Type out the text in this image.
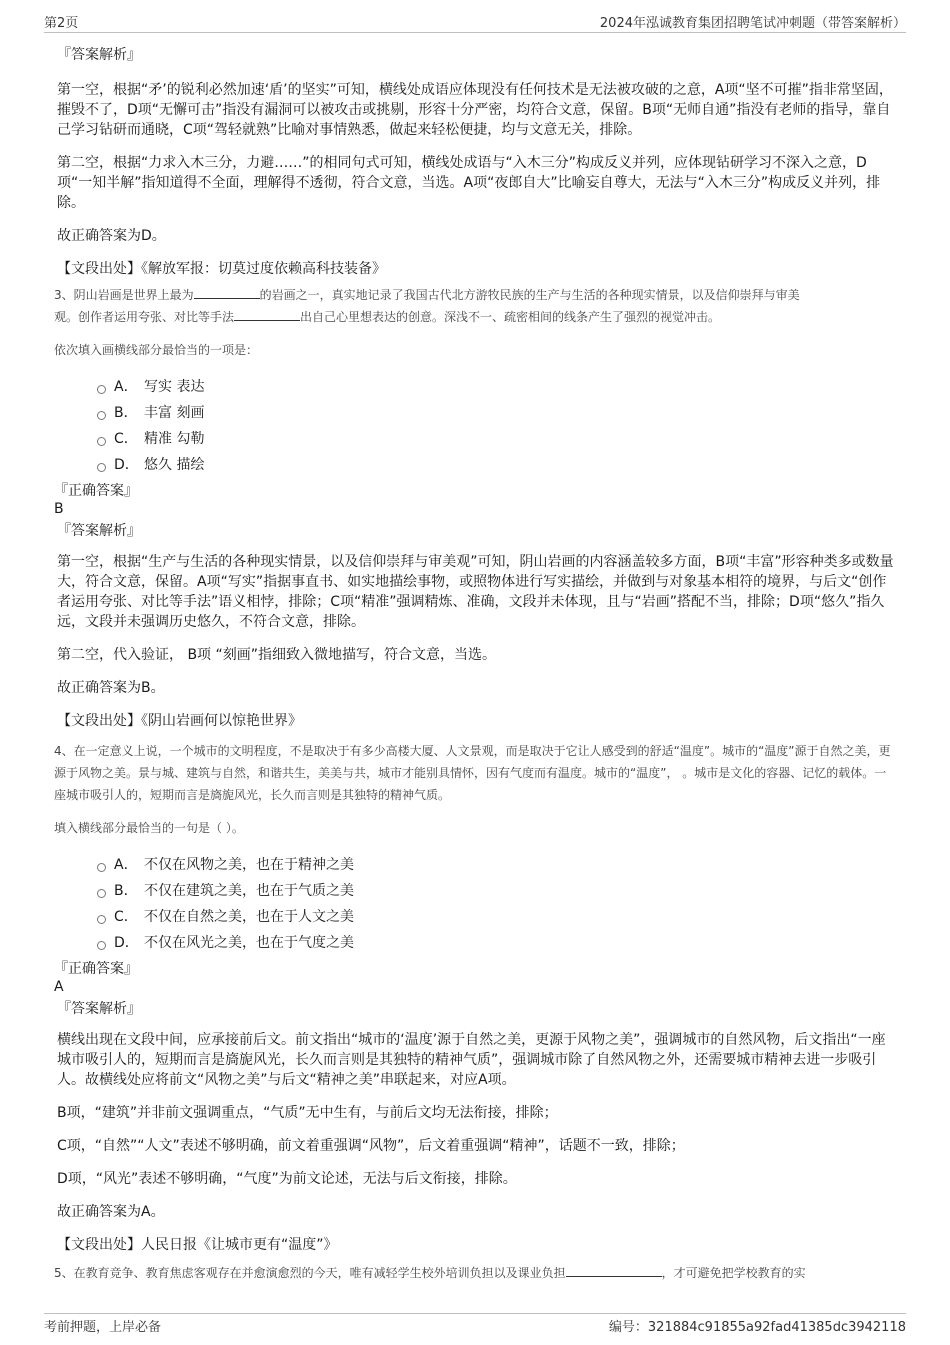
第2页	2024年泓诚教育集团招聘笔试冲刺题（带答案解析）

『答案解析』

第一空，根据“矛’的锐利必然加速‘盾’的坚实”可知，横线处成语应体现没有任何技术是无法被攻破的之意，A项“坚不可摧”指非常坚固，摧毁不了，D项“无懈可击”指没有漏洞可以被攻击或挑剔，形容十分严密，均符合文意，保留。B项“无师自通”指没有老师的指导，靠自己学习钻研而通晓，C项“驾轻就熟”比喻对事情熟悉，做起来轻松便捷，均与文意无关，排除。

第二空，根据“力求入木三分，力避……”的相同句式可知，横线处成语与“入木三分”构成反义并列，应体现钻研学习不深入之意，D项“一知半解”指知道得不全面，理解得不透彻，符合文意，当选。A项“夜郎自大”比喻妄自尊大，无法与“入木三分”构成反义并列，排除。

故正确答案为D。

【文段出处】《解放军报：切莫过度依赖高科技装备》

3、阴山岩画是世界上最为	的岩画之一，真实地记录了我国古代北方游牧民族的生产与生活的各种现实情景，以及信仰崇拜与审美
观。创作者运用夸张、对比等手法	出自己心里想表达的创意。深浅不一、疏密相间的线条产生了强烈的视觉冲击。

依次填入画横线部分最恰当的一项是：

A． 写实 表达
B． 丰富 刻画
C． 精准 勾勒
D． 悠久 描绘

『正确答案』

B

『答案解析』

第一空，根据“生产与生活的各种现实情景，以及信仰崇拜与审美观”可知，阴山岩画的内容涵盖较多方面，B项“丰富”形容种类多或数量大，符合文意，保留。A项“写实”指据事直书、如实地描绘事物，或照物体进行写实描绘，并做到与对象基本相符的境界，与后文“创作者运用夸张、对比等手法”语义相悖，排除；C项“精准”强调精炼、准确，文段并未体现，且与“岩画”搭配不当，排除；D项“悠久”指久远，文段并未强调历史悠久，不符合文意，排除。

第二空，代入验证， B项 “刻画”指细致入微地描写，符合文意，当选。

故正确答案为B。

【文段出处】《阴山岩画何以惊艳世界》

4、在一定意义上说，一个城市的文明程度，不是取决于有多少高楼大厦、人文景观，而是取决于它让人感受到的舒适“温度”。城市的“温度”源于自然之美，更源于风物之美。景与城、建筑与自然，和谐共生，美美与共，城市才能别具情怀，因有气度而有温度。城市的“温度”， 。城市是文化的容器、记忆的载体。一座城市吸引人的，短期而言是旖旎风光，长久而言则是其独特的精神气质。

填入横线部分最恰当的一句是（ ）。

A． 不仅在风物之美，也在于精神之美
B． 不仅在建筑之美，也在于气质之美
C． 不仅在自然之美，也在于人文之美
D． 不仅在风光之美，也在于气度之美

『正确答案』

A

『答案解析』

横线出现在文段中间，应承接前后文。前文指出“城市的‘温度’源于自然之美，更源于风物之美”，强调城市的自然风物，后文指出“一座城市吸引人的，短期而言是旖旎风光，长久而言则是其独特的精神气质”，强调城市除了自然风物之外，还需要城市精神去进一步吸引人。故横线处应将前文“风物之美”与后文“精神之美”串联起来，对应A项。

B项，“建筑”并非前文强调重点，“气质”无中生有，与前后文均无法衔接，排除；

C项，“自然”“人文”表述不够明确，前文着重强调“风物”，后文着重强调“精神”，话题不一致，排除；

D项，“风光”表述不够明确，“气度”为前文论述，无法与后文衔接，排除。

故正确答案为A。

【文段出处】人民日报《让城市更有“温度”》

5、在教育竞争、教育焦虑客观存在并愈演愈烈的今天，唯有减轻学生校外培训负担以及课业负担	，才可避免把学校教育的实

考前押题，上岸必备	编号：321884c91855a92fad41385dc3942118
